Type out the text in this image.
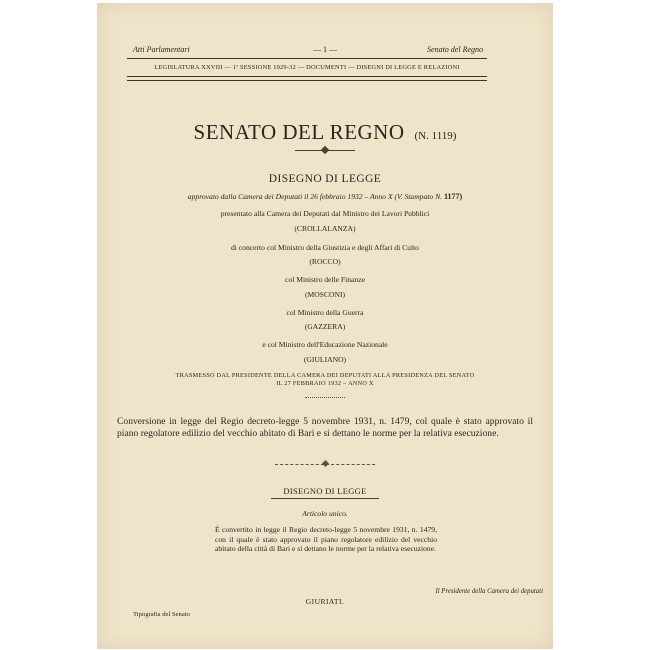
Atti Parlamentari	— 1 —	Senato del Regno
LEGISLATURA XXVIII — 1ª SESSIONE 1929-32 — DOCUMENTI — DISEGNI DI LEGGE E RELAZIONI
SENATO DEL REGNO (N. 1119)
DISEGNO DI LEGGE
approvato dalla Camera dei Deputati il 26 febbraio 1932 – Anno X (V. Stampato N. 1177)
presentato alla Camera dei Deputati dal Ministro dei Lavori Pubblici
(CROLLALANZA)
di concerto col Ministro della Giustizia e degli Affari di Culto
(ROCCO)
col Ministro delle Finanze
(MOSCONI)
col Ministro della Guerra
(GAZZERA)
e col Ministro dell'Educazione Nazionale
(GIULIANO)
TRASMESSO DAL PRESIDENTE DELLA CAMERA DEI DEPUTATI ALLA PRESIDENZA DEL SENATO
IL 27 FEBBRAIO 1932 – ANNO X
Conversione in legge del Regio decreto-legge 5 novembre 1931, n. 1479, col quale è stato approvato il piano regolatore edilizio del vecchio abitato di Bari e si dettano le norme per la relativa esecuzione.
DISEGNO DI LEGGE
Articolo unico.
È convertito in legge il Regio decreto-legge 5 novembre 1931, n. 1479, con il quale è stato approvato il piano regolatore edilizio del vecchio abitato della città di Bari e si dettano le norme per la relativa esecuzione.
Il Presidente della Camera dei deputati
GIURIATI.
Tipografia del Senato
